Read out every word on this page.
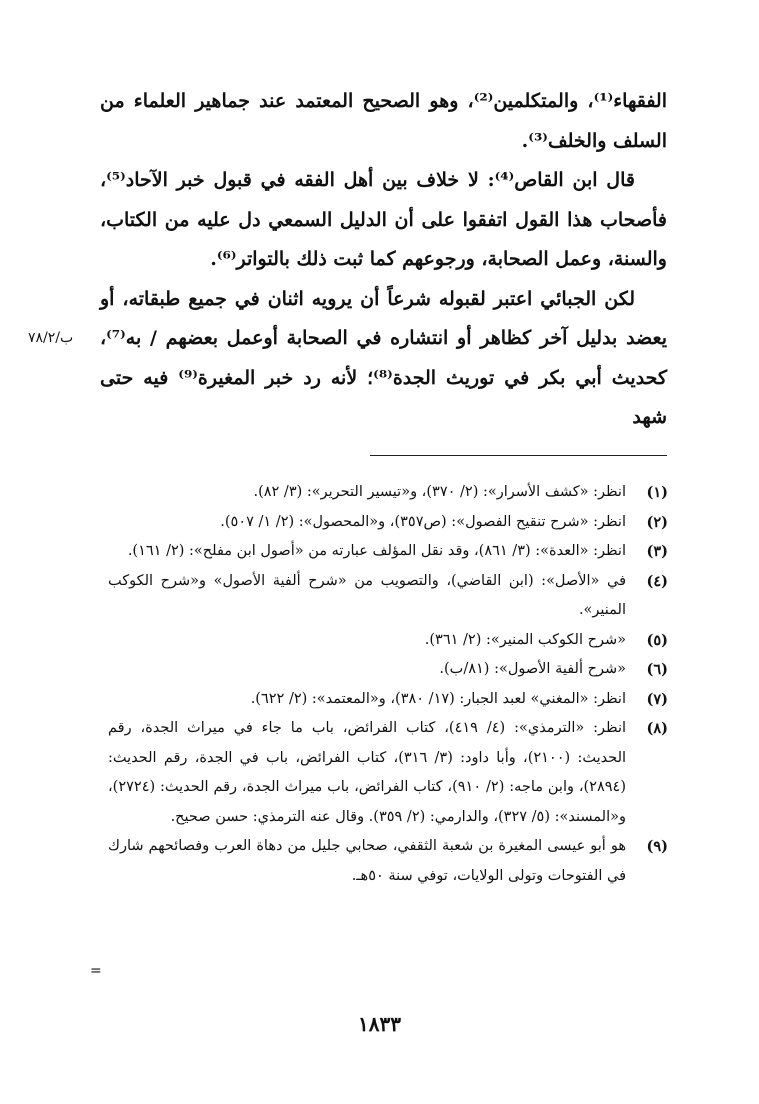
الفقهاء⁽¹⁾، والمتكلمين⁽²⁾، وهو الصحيح المعتمد عند جماهير العلماء من السلف والخلف⁽³⁾.

قال ابن القاص⁽⁴⁾: لا خلاف بين أهل الفقه في قبول خبر الآحاد⁽⁵⁾، فأصحاب هذا القول اتفقوا على أن الدليل السمعي دل عليه من الكتاب، والسنة، وعمل الصحابة، ورجوعهم كما ثبت ذلك بالتواتر⁽⁶⁾.

لكن الجبائي اعتبر لقبوله شرعاً أن يرويه اثنان في جميع طبقاته، أو يعضد بدليل آخر كظاهر أو انتشاره في الصحابة أوعمل بعضهم / به⁽⁷⁾، كحديث أبي بكر في توريث الجدة⁽⁸⁾؛ لأنه رد خبر المغيرة⁽⁹⁾ فيه حتى شهد

ب/٧٨/٢
(١)
انظر: «كشف الأسرار»: (٢/ ٣٧٠)، و«تيسير التحرير»: (٣/ ٨٢).
(٢)
انظر: «شرح تنقيح الفصول»: (ص٣٥٧)، و«المحصول»: (٢/ ١/ ٥٠٧).
(٣)
انظر: «العدة»: (٣/ ٨٦١)، وقد نقل المؤلف عبارته من «أصول ابن مفلح»: (٢/ ١٦١).
(٤)
في «الأصل»: (ابن القاضي)، والتصويب من «شرح ألفية الأصول» و«شرح الكوكب المنير».
(٥)
«شرح الكوكب المنير»: (٢/ ٣٦١).
(٦)
«شرح ألفية الأصول»: (٨١/ب).
(٧)
انظر: «المغني» لعبد الجبار: (١٧/ ٣٨٠)، و«المعتمد»: (٢/ ٦٢٢).
(٨)
انظر: «الترمذي»: (٤/ ٤١٩)، كتاب الفرائض، باب ما جاء في ميراث الجدة، رقم الحديث: (٢١٠٠)، وأبا داود: (٣/ ٣١٦)، كتاب الفرائض، باب في الجدة، رقم الحديث: (٢٨٩٤)، وابن ماجه: (٢/ ٩١٠)، كتاب الفرائض، باب ميراث الجدة، رقم الحديث: (٢٧٢٤)، و«المسند»: (٥/ ٣٢٧)، والدارمي: (٢/ ٣٥٩). وقال عنه الترمذي: حسن صحيح.
(٩)
هو أبو عيسى المغيرة بن شعبة الثقفي، صحابي جليل من دهاة العرب وفصائحهم شارك في الفتوحات وتولى الولايات، توفي سنة ٥٠هـ.
=
١٨٣٣
